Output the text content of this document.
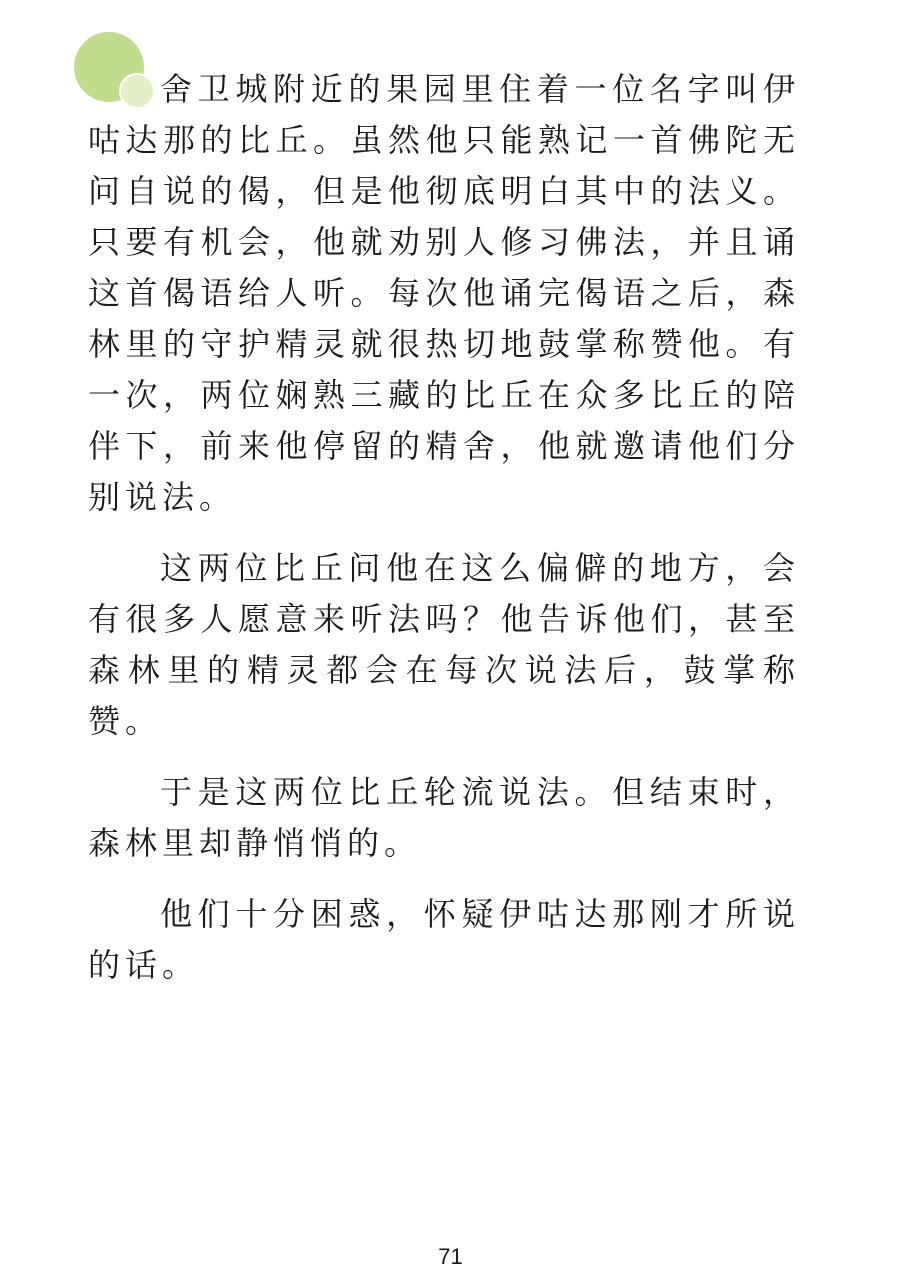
舍卫城附近的果园里住着一位名字叫伊咕达那的比丘。虽然他只能熟记一首佛陀无问自说的偈，但是他彻底明白其中的法义。只要有机会，他就劝别人修习佛法，并且诵这首偈语给人听。每次他诵完偈语之后，森林里的守护精灵就很热切地鼓掌称赞他。有一次，两位娴熟三藏的比丘在众多比丘的陪伴下，前来他停留的精舍，他就邀请他们分别说法。

这两位比丘问他在这么偏僻的地方，会有很多人愿意来听法吗？他告诉他们，甚至森林里的精灵都会在每次说法后，鼓掌称赞。

于是这两位比丘轮流说法。但结束时，森林里却静悄悄的。

他们十分困惑，怀疑伊咕达那刚才所说的话。

71
